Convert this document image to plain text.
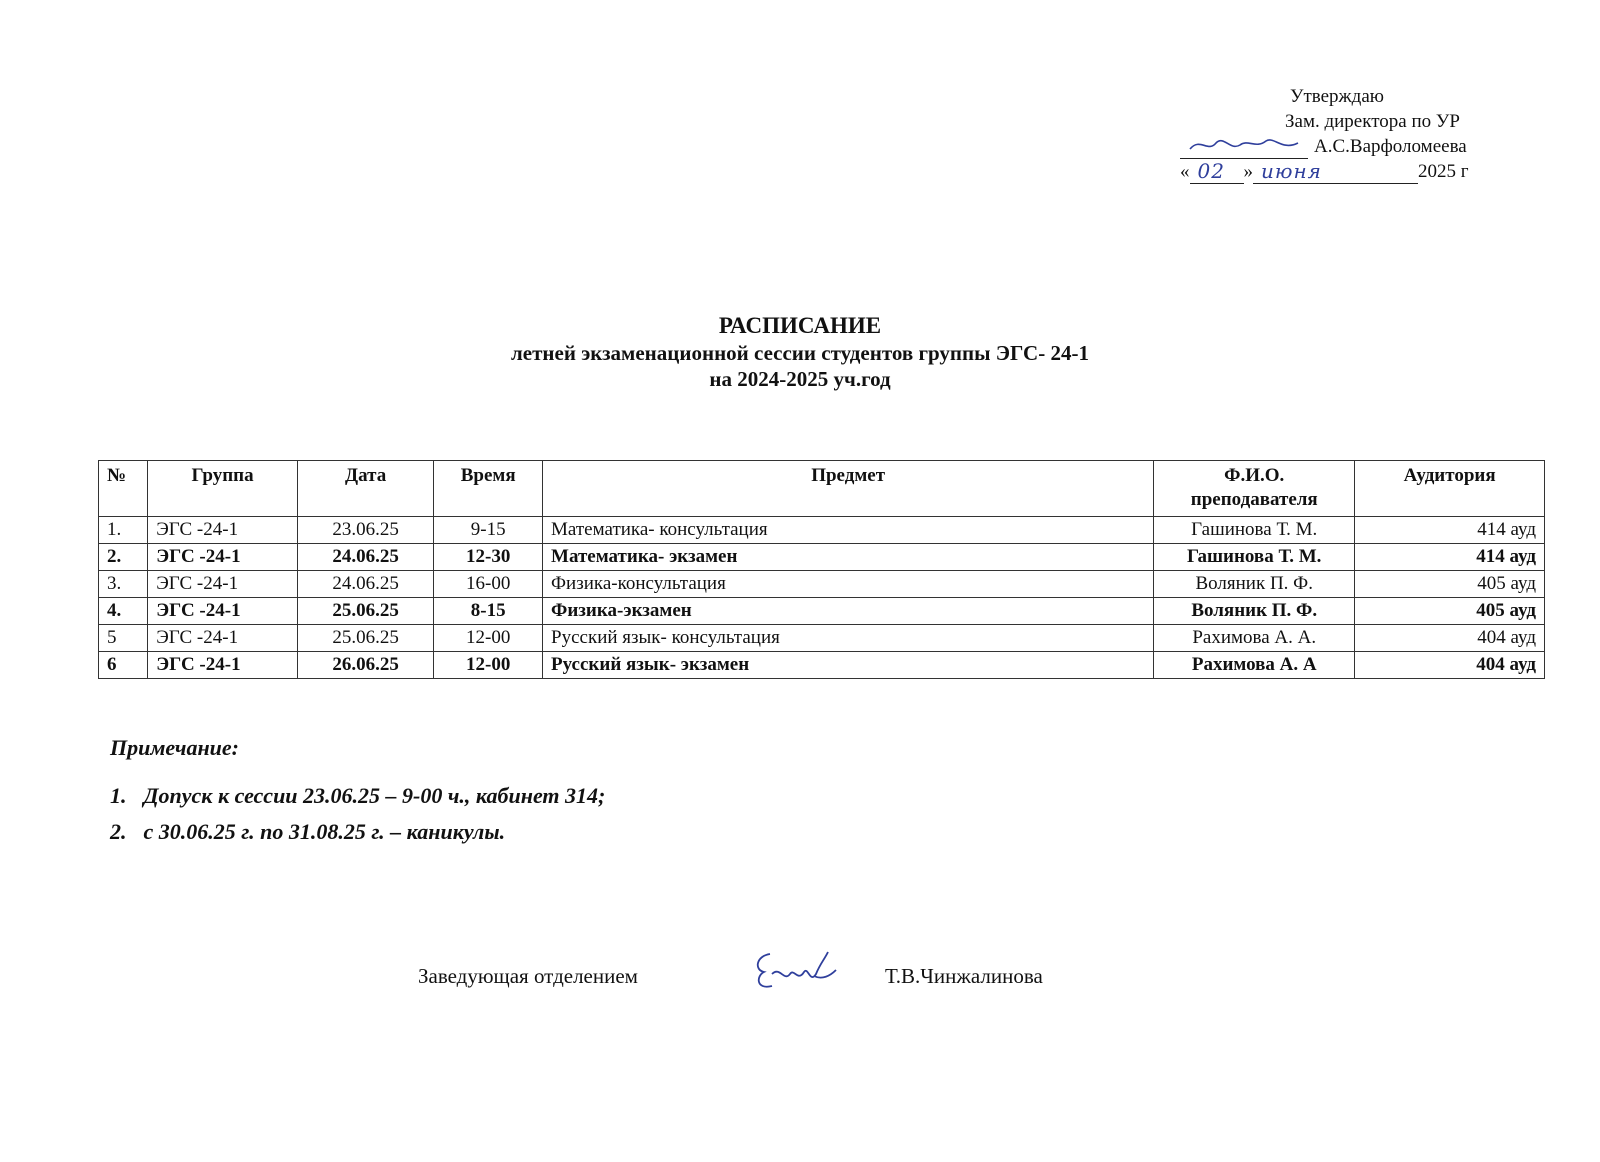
Утверждаю
Зам. директора по УР
А.С.Варфоломеева
« 02 » июня	2025 г
РАСПИСАНИЕ
летней экзаменационной сессии студентов группы ЭГС- 24-1
на 2024-2025 уч.год
№	Группа	Дата	Время	Предмет	Ф.И.О. преподавателя	Аудитория
1.	ЭГС -24-1	23.06.25	9-15	Математика- консультация	Гашинова Т. М.	414 ауд
2.	ЭГС -24-1	24.06.25	12-30	Математика- экзамен	Гашинова Т. М.	414 ауд
3.	ЭГС -24-1	24.06.25	16-00	Физика-консультация	Воляник П. Ф.	405 ауд
4.	ЭГС -24-1	25.06.25	8-15	Физика-экзамен	Воляник П. Ф.	405 ауд
5	ЭГС -24-1	25.06.25	12-00	Русский язык- консультация	Рахимова А. А.	404 ауд
6	ЭГС -24-1	26.06.25	12-00	Русский язык- экзамен	Рахимова А. А	404 ауд
Примечание:
1. Допуск к сессии 23.06.25 – 9-00 ч., кабинет 314;
2. с 30.06.25 г. по 31.08.25 г. – каникулы.
Заведующая отделением	Т.В.Чинжалинова
